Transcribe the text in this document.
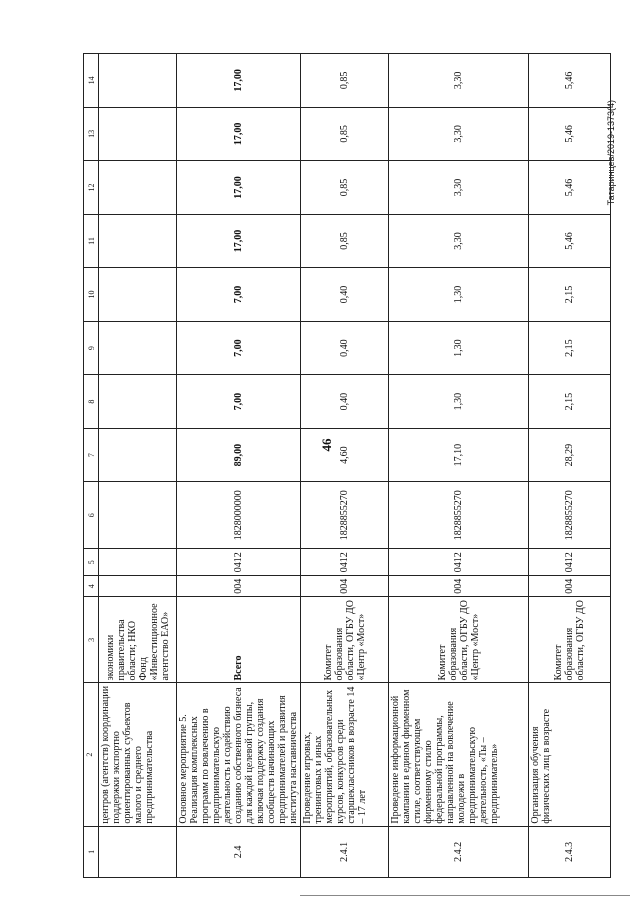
46
Татаринцев/2019-1373(4)
1	2	3	4	5	6	7	8	9	10	11	12	13	14
	центров (агентств) координации поддержки экспортно ориентированных субъектов малого и среднего предпринимательства	экономики правительства области; НКО Фонд «Инвестиционное агентство ЕАО»											
2.4	Основное мероприятие 5. Реализация комплексных программ по вовлечению в предпринимательскую деятельность и содействию созданию собственного бизнеса для каждой целевой группы, включая поддержку создания сообществ начинающих предпринимателей и развития института наставничества	Всего	004	0412	1828000000	89,00	7,00	7,00	7,00	17,00	17,00	17,00	17,00
2.4.1	Проведение игровых, тренинговых и иных мероприятий, образовательных курсов, конкурсов среди старшеклассников в возрасте 14 – 17 лет	Комитет образования области, ОГБУ ДО «Центр «Мост»	004	0412	1828855270	4,60	0,40	0,40	0,40	0,85	0,85	0,85	0,85
2.4.2	Проведение информационной кампании в едином фирменном стиле, соответствующем фирменному стилю федеральной программы, направленной на вовлечение молодежи в предпринимательскую деятельность, «Ты – предприниматель»	Комитет образования области, ОГБУ ДО «Центр «Мост»	004	0412	1828855270	17,10	1,30	1,30	1,30	3,30	3,30	3,30	3,30
2.4.3	Организация обучения физических лиц в возрасте	Комитет образования области, ОГБУ ДО	004	0412	1828855270	28,29	2,15	2,15	2,15	5,46	5,46	5,46	5,46
